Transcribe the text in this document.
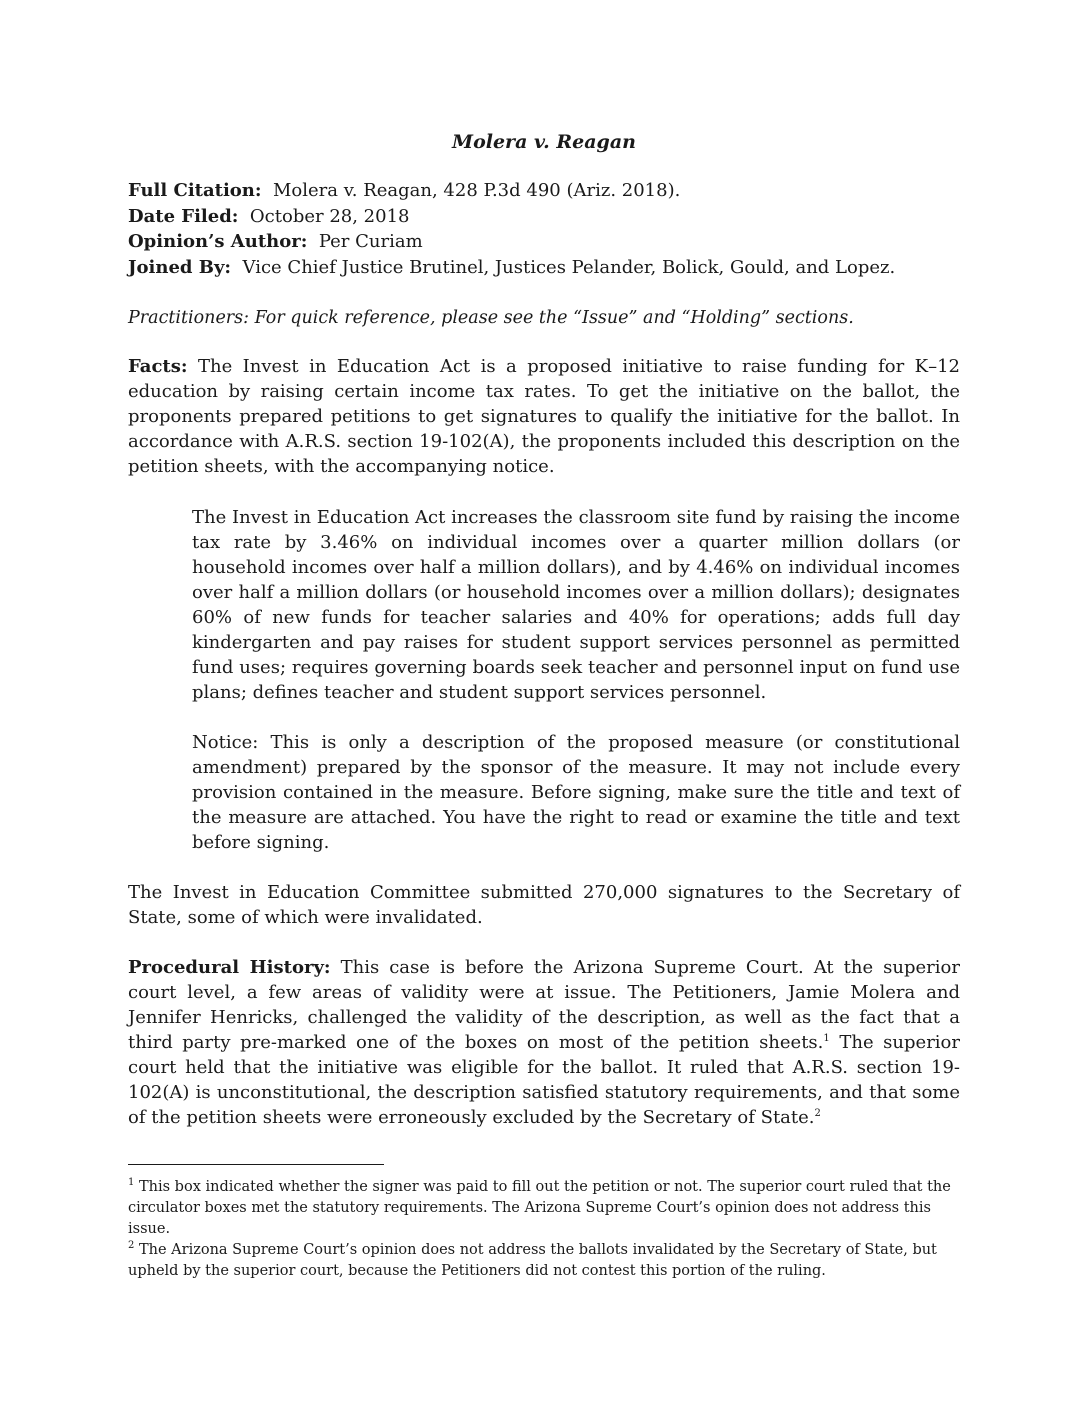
Molera v. Reagan
Full Citation: Molera v. Reagan, 428 P.3d 490 (Ariz. 2018).
Date Filed: October 28, 2018
Opinion’s Author: Per Curiam
Joined By: Vice Chief Justice Brutinel, Justices Pelander, Bolick, Gould, and Lopez.
Practitioners: For quick reference, please see the “Issue” and “Holding” sections.
Facts: The Invest in Education Act is a proposed initiative to raise funding for K–12 education by raising certain income tax rates. To get the initiative on the ballot, the proponents prepared petitions to get signatures to qualify the initiative for the ballot. In accordance with A.R.S. section 19-102(A), the proponents included this description on the petition sheets, with the accompanying notice.
The Invest in Education Act increases the classroom site fund by raising the income tax rate by 3.46% on individual incomes over a quarter million dollars (or household incomes over half a million dollars), and by 4.46% on individual incomes over half a million dollars (or household incomes over a million dollars); designates 60% of new funds for teacher salaries and 40% for operations; adds full day kindergarten and pay raises for student support services personnel as permitted fund uses; requires governing boards seek teacher and personnel input on fund use plans; defines teacher and student support services personnel.
Notice: This is only a description of the proposed measure (or constitutional amendment) prepared by the sponsor of the measure. It may not include every provision contained in the measure. Before signing, make sure the title and text of the measure are attached. You have the right to read or examine the title and text before signing.
The Invest in Education Committee submitted 270,000 signatures to the Secretary of State, some of which were invalidated.
Procedural History: This case is before the Arizona Supreme Court. At the superior court level, a few areas of validity were at issue. The Petitioners, Jamie Molera and Jennifer Henricks, challenged the validity of the description, as well as the fact that a third party pre-marked one of the boxes on most of the petition sheets.$^1$ The superior court held that the initiative was eligible for the ballot. It ruled that A.R.S. section 19-102(A) is unconstitutional, the description satisfied statutory requirements, and that some of the petition sheets were erroneously excluded by the Secretary of State.$^2$
$^1$ This box indicated whether the signer was paid to fill out the petition or not. The superior court ruled that the circulator boxes met the statutory requirements. The Arizona Supreme Court’s opinion does not address this issue.
$^2$ The Arizona Supreme Court’s opinion does not address the ballots invalidated by the Secretary of State, but upheld by the superior court, because the Petitioners did not contest this portion of the ruling.
